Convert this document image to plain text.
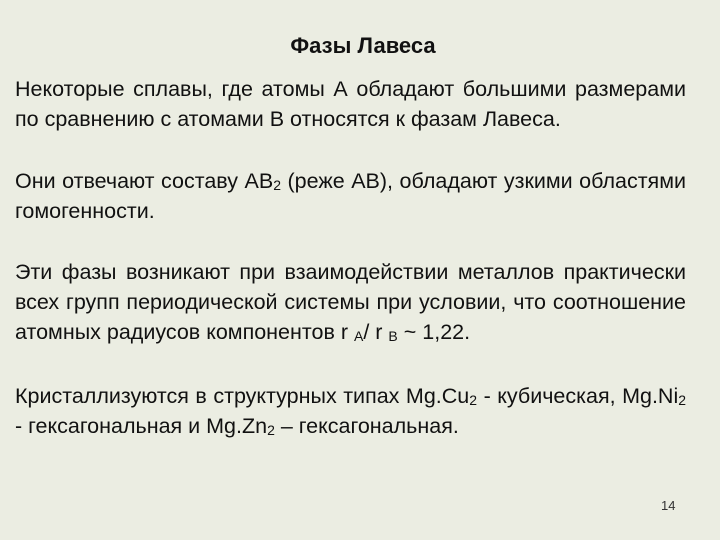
Фазы Лавеса

Некоторые сплавы, где атомы А обладают большими размерами по сравнению с атомами В относятся к фазам Лавеса.

Они отвечают составу $АВ_2$ (реже АВ), обладают узкими областями гомогенности.

Эти фазы возникают при взаимодействии металлов практически всех групп периодической системы при условии, что соотношение атомных радиусов компонентов r $_A$/ r $_B$ ~ 1,22.

Кристаллизуются в структурных типах $Mg.Cu_2$ - кубическая, $Mg.Ni_2$ - гексагональная и $Mg.Zn_2$ – гексагональная.

14
